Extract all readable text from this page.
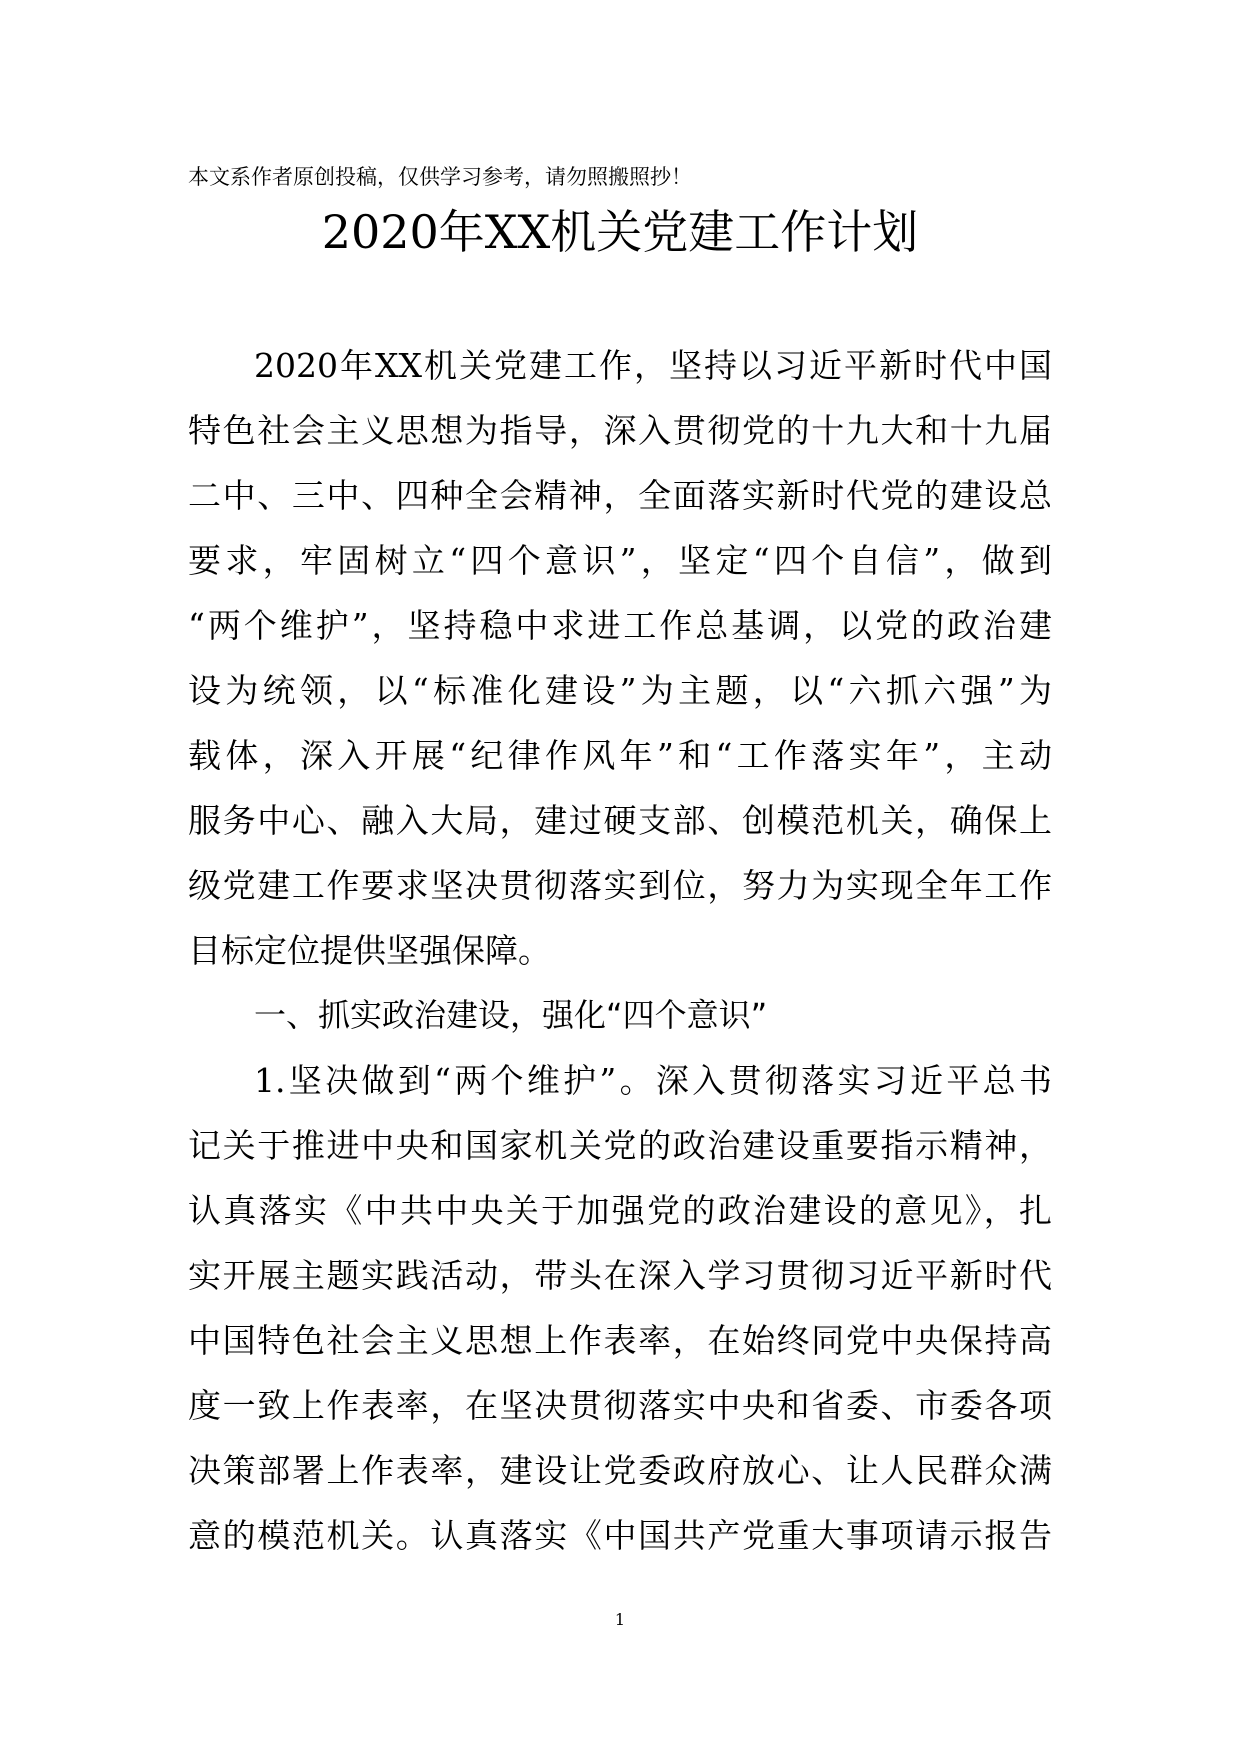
本文系作者原创投稿，仅供学习参考，请勿照搬照抄！
2020年XX机关党建工作计划
2020年XX机关党建工作，坚持以习近平新时代中国
特色社会主义思想为指导，深入贯彻党的十九大和十九届
二中、三中、四种全会精神，全面落实新时代党的建设总
要求，牢固树立“四个意识”，坚定“四个自信”，做到
“两个维护”，坚持稳中求进工作总基调，以党的政治建
设为统领，以“标准化建设”为主题，以“六抓六强”为
载体，深入开展“纪律作风年”和“工作落实年”，主动
服务中心、融入大局，建过硬支部、创模范机关，确保上
级党建工作要求坚决贯彻落实到位，努力为实现全年工作
目标定位提供坚强保障。
一、抓实政治建设，强化“四个意识”
1.坚决做到“两个维护”。深入贯彻落实习近平总书
记关于推进中央和国家机关党的政治建设重要指示精神，
认真落实《中共中央关于加强党的政治建设的意见》，扎
实开展主题实践活动，带头在深入学习贯彻习近平新时代
中国特色社会主义思想上作表率，在始终同党中央保持高
度一致上作表率，在坚决贯彻落实中央和省委、市委各项
决策部署上作表率，建设让党委政府放心、让人民群众满
意的模范机关。认真落实《中国共产党重大事项请示报告
1
